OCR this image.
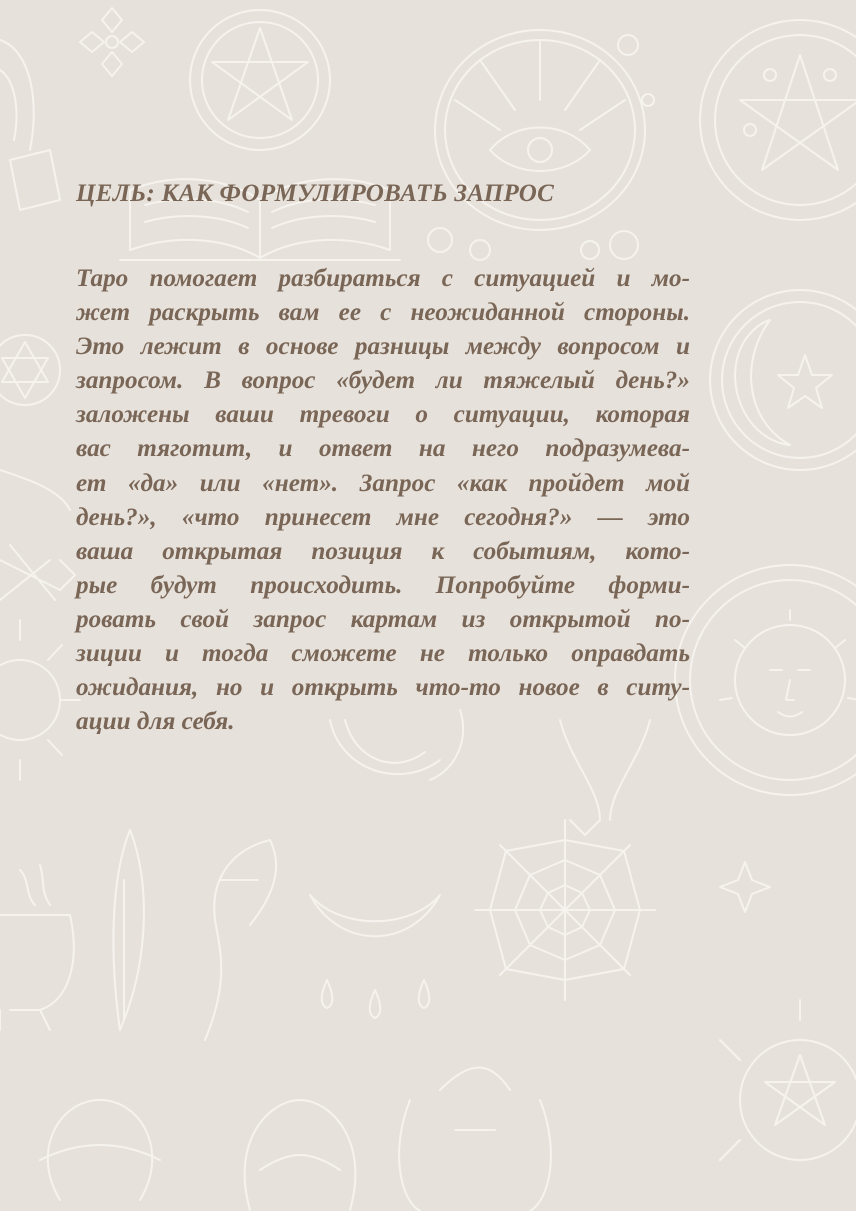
ЦЕЛЬ: КАК ФОРМУЛИРОВАТЬ ЗАПРОС
Таро помогает разбираться с ситуацией и мо-
жет раскрыть вам ее с неожиданной стороны.
Это лежит в основе разницы между вопросом и
запросом. В вопрос «будет ли тяжелый день?»
заложены ваши тревоги о ситуации, которая
вас тяготит, и ответ на него подразумева-
ет «да» или «нет». Запрос «как пройдет мой
день?», «что принесет мне сегодня?» — это
ваша открытая позиция к событиям, кото-
рые будут происходить. Попробуйте форми-
ровать свой запрос картам из открытой по-
зиции и тогда сможете не только оправдать
ожидания, но и открыть что-то новое в ситу-
ации для себя.
